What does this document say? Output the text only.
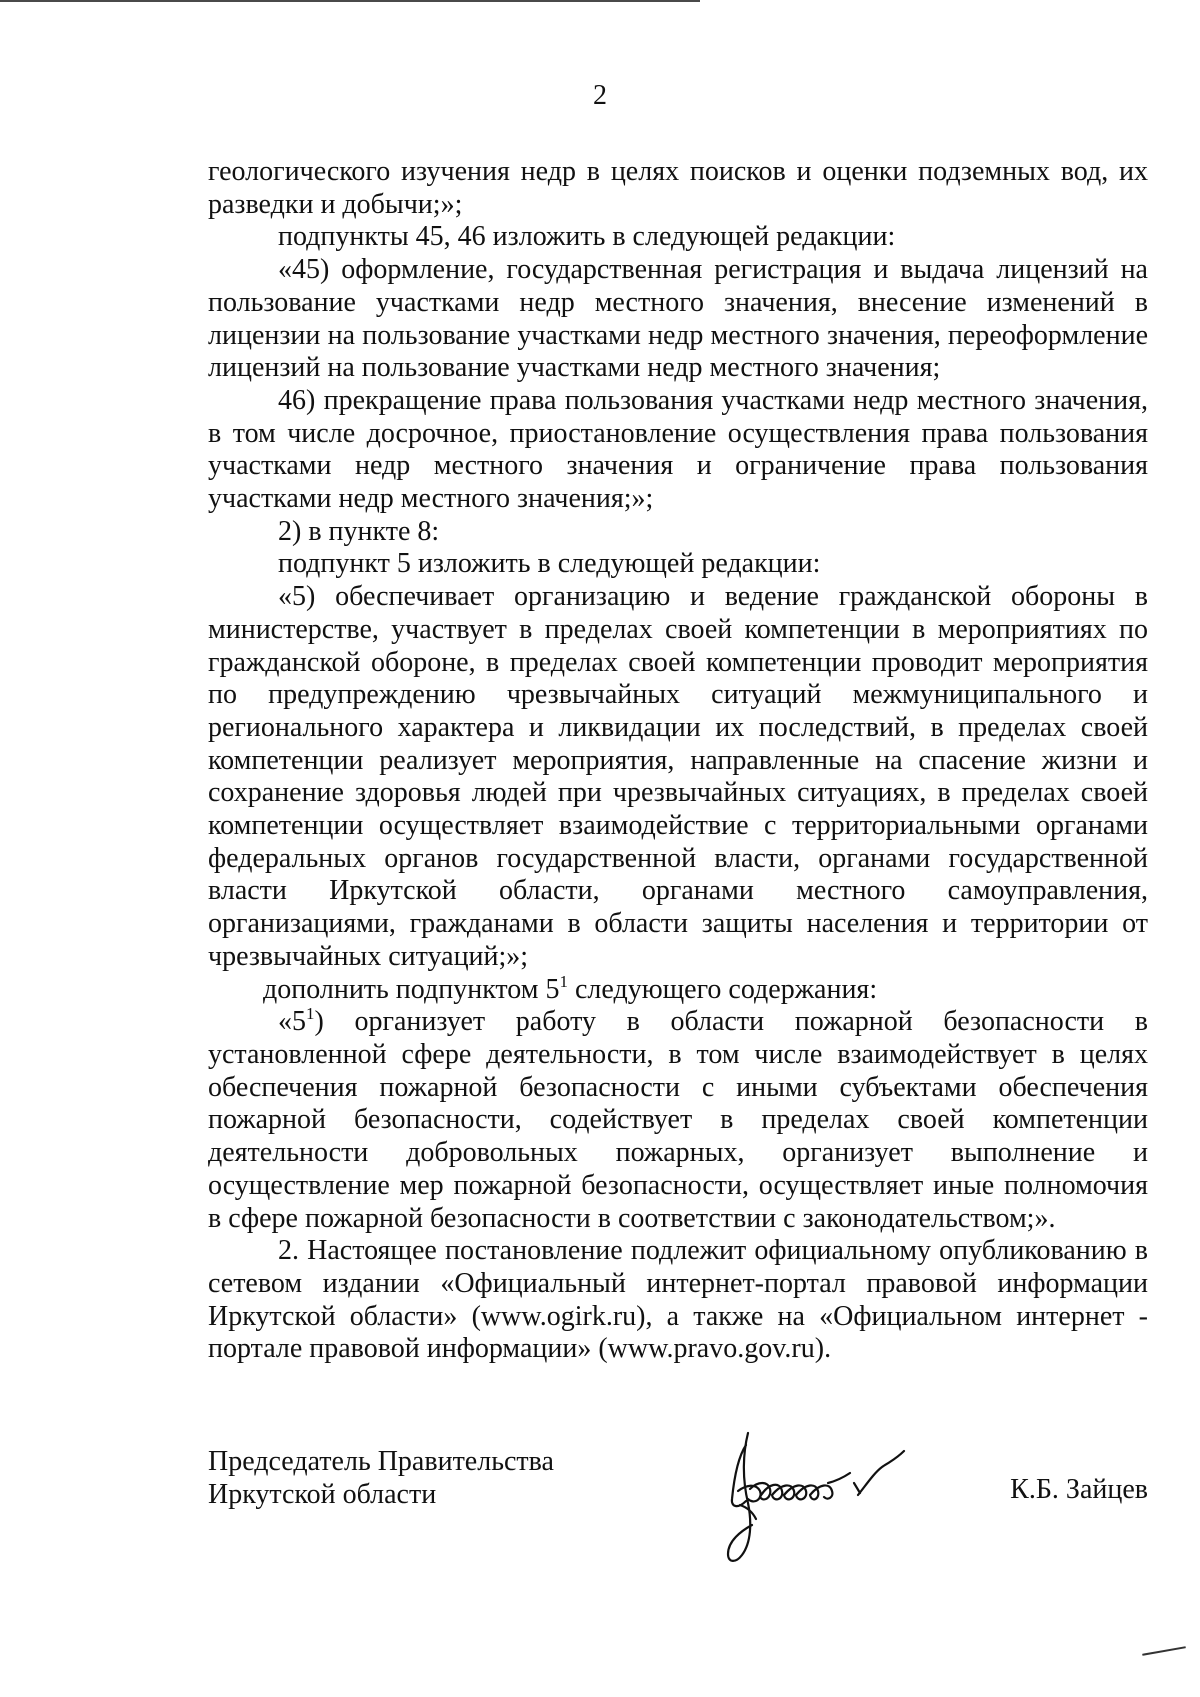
2

геологического изучения недр в целях поисков и оценки подземных вод, их разведки и добычи;»;

подпункты 45, 46 изложить в следующей редакции:

«45) оформление, государственная регистрация и выдача лицензий на пользование участками недр местного значения, внесение изменений в лицензии на пользование участками недр местного значения, переоформление лицензий на пользование участками недр местного значения;

46) прекращение права пользования участками недр местного значения, в том числе досрочное, приостановление осуществления права пользования участками недр местного значения и ограничение права пользования участками недр местного значения;»;

2) в пункте 8:

подпункт 5 изложить в следующей редакции:

«5) обеспечивает организацию и ведение гражданской обороны в министерстве, участвует в пределах своей компетенции в мероприятиях по гражданской обороне, в пределах своей компетенции проводит мероприятия по предупреждению чрезвычайных ситуаций межмуниципального и регионального характера и ликвидации их последствий, в пределах своей компетенции реализует мероприятия, направленные на спасение жизни и сохранение здоровья людей при чрезвычайных ситуациях, в пределах своей компетенции осуществляет взаимодействие с территориальными органами федеральных органов государственной власти, органами государственной власти Иркутской области, органами местного самоуправления, организациями, гражданами в области защиты населения и территории от чрезвычайных ситуаций;»;

дополнить подпунктом $5^1$ следующего содержания:

«$5^1$) организует работу в области пожарной безопасности в установленной сфере деятельности, в том числе взаимодействует в целях обеспечения пожарной безопасности с иными субъектами обеспечения пожарной безопасности, содействует в пределах своей компетенции деятельности добровольных пожарных, организует выполнение и осуществление мер пожарной безопасности, осуществляет иные полномочия в сфере пожарной безопасности в соответствии с законодательством;».

2. Настоящее постановление подлежит официальному опубликованию в сетевом издании «Официальный интернет-портал правовой информации Иркутской области» (www.ogirk.ru), а также на «Официальном интернет - портале правовой информации» (www.pravo.gov.ru).

Председатель Правительства
Иркутской области	К.Б. Зайцев
